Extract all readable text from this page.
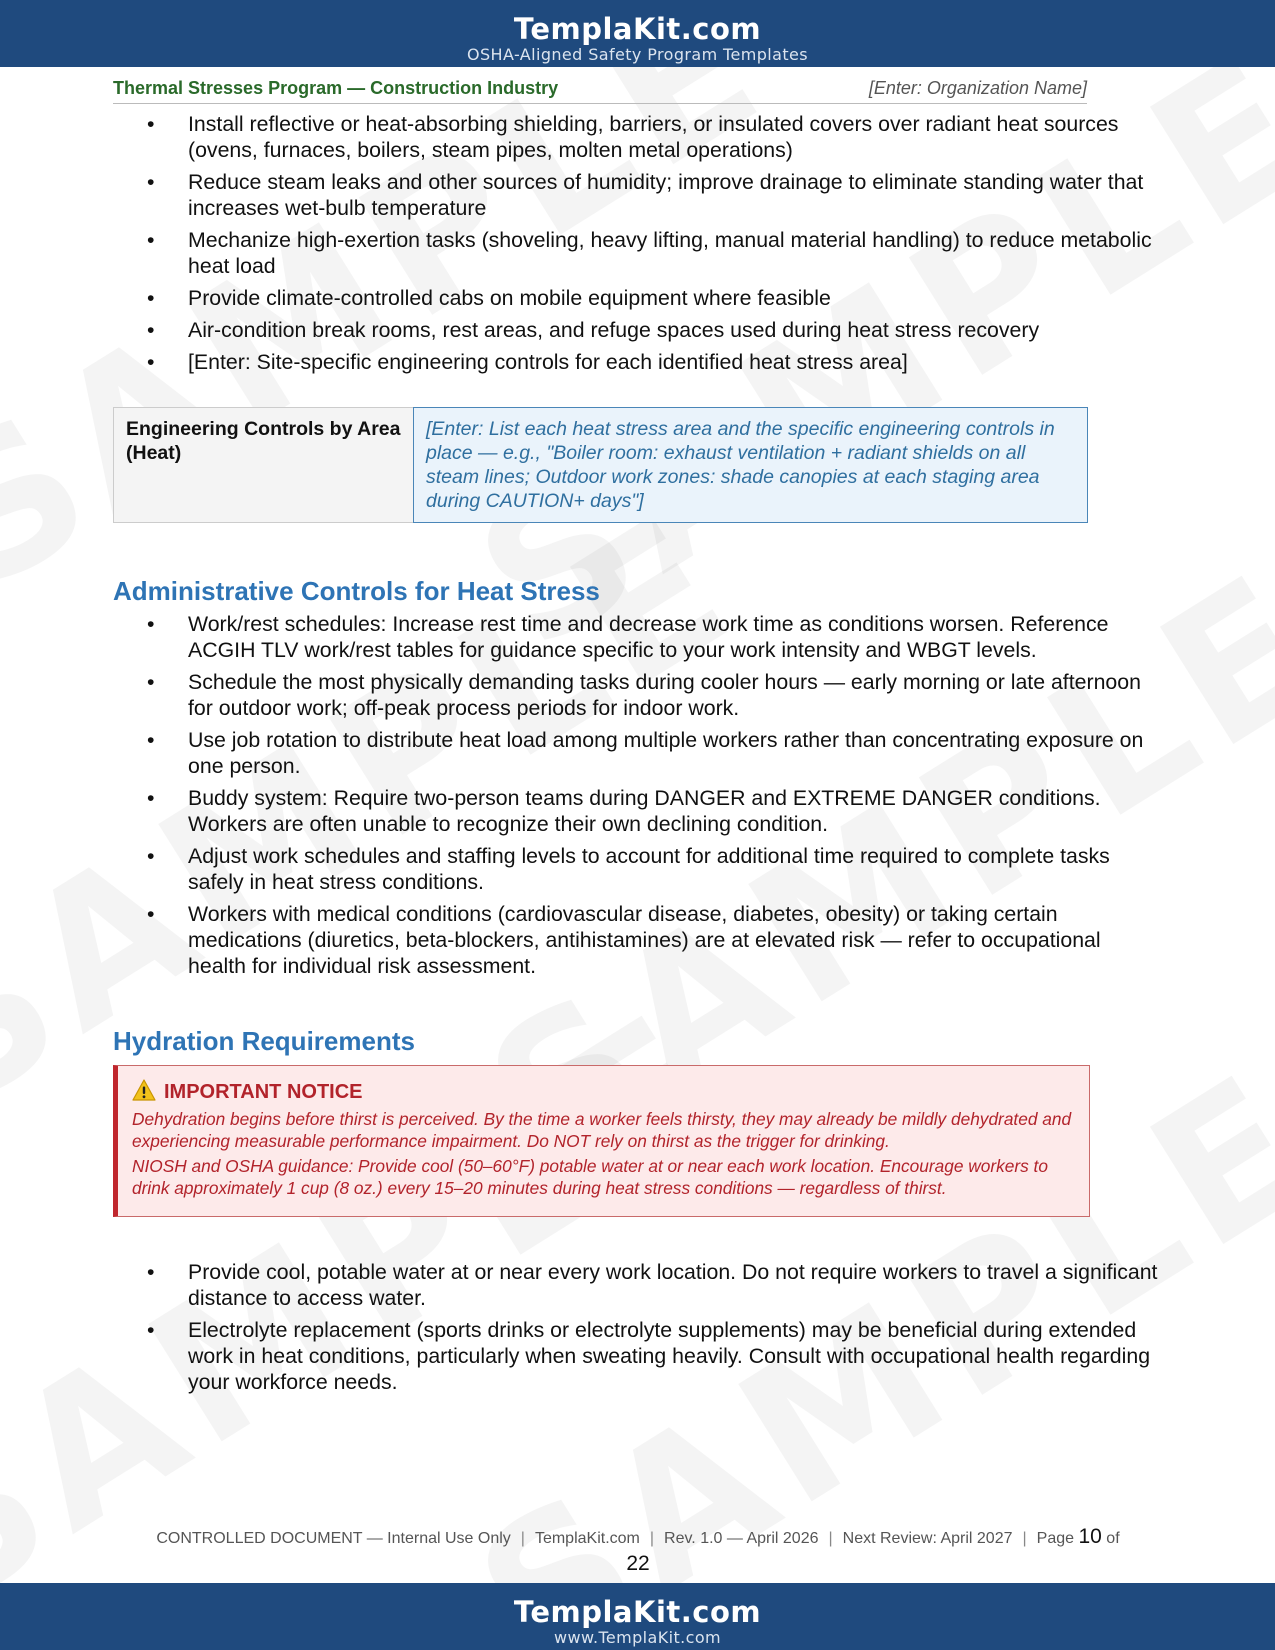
TemplaKit.com
OSHA-Aligned Safety Program Templates
Thermal Stresses Program — Construction Industry	[Enter: Organization Name]
• Install reflective or heat-absorbing shielding, barriers, or insulated covers over radiant heat sources (ovens, furnaces, boilers, steam pipes, molten metal operations)
• Reduce steam leaks and other sources of humidity; improve drainage to eliminate standing water that increases wet-bulb temperature
• Mechanize high-exertion tasks (shoveling, heavy lifting, manual material handling) to reduce metabolic heat load
• Provide climate-controlled cabs on mobile equipment where feasible
• Air-condition break rooms, rest areas, and refuge spaces used during heat stress recovery
• [Enter: Site-specific engineering controls for each identified heat stress area]
Engineering Controls by Area (Heat)
[Enter: List each heat stress area and the specific engineering controls in place — e.g., "Boiler room: exhaust ventilation + radiant shields on all steam lines; Outdoor work zones: shade canopies at each staging area during CAUTION+ days"]
Administrative Controls for Heat Stress
• Work/rest schedules: Increase rest time and decrease work time as conditions worsen. Reference ACGIH TLV work/rest tables for guidance specific to your work intensity and WBGT levels.
• Schedule the most physically demanding tasks during cooler hours — early morning or late afternoon for outdoor work; off-peak process periods for indoor work.
• Use job rotation to distribute heat load among multiple workers rather than concentrating exposure on one person.
• Buddy system: Require two-person teams during DANGER and EXTREME DANGER conditions. Workers are often unable to recognize their own declining condition.
• Adjust work schedules and staffing levels to account for additional time required to complete tasks safely in heat stress conditions.
• Workers with medical conditions (cardiovascular disease, diabetes, obesity) or taking certain medications (diuretics, beta-blockers, antihistamines) are at elevated risk — refer to occupational health for individual risk assessment.
Hydration Requirements
IMPORTANT NOTICE

Dehydration begins before thirst is perceived. By the time a worker feels thirsty, they may already be mildly dehydrated and experiencing measurable performance impairment. Do NOT rely on thirst as the trigger for drinking.

NIOSH and OSHA guidance: Provide cool (50–60°F) potable water at or near each work location. Encourage workers to drink approximately 1 cup (8 oz.) every 15–20 minutes during heat stress conditions — regardless of thirst.

• Provide cool, potable water at or near every work location. Do not require workers to travel a significant distance to access water.
• Electrolyte replacement (sports drinks or electrolyte supplements) may be beneficial during extended work in heat conditions, particularly when sweating heavily. Consult with occupational health regarding your workforce needs.
CONTROLLED DOCUMENT — Internal Use Only | TemplaKit.com | Rev. 1.0 — April 2026 | Next Review: April 2027 | Page 10 of
22
TemplaKit.com
www.TemplaKit.com
